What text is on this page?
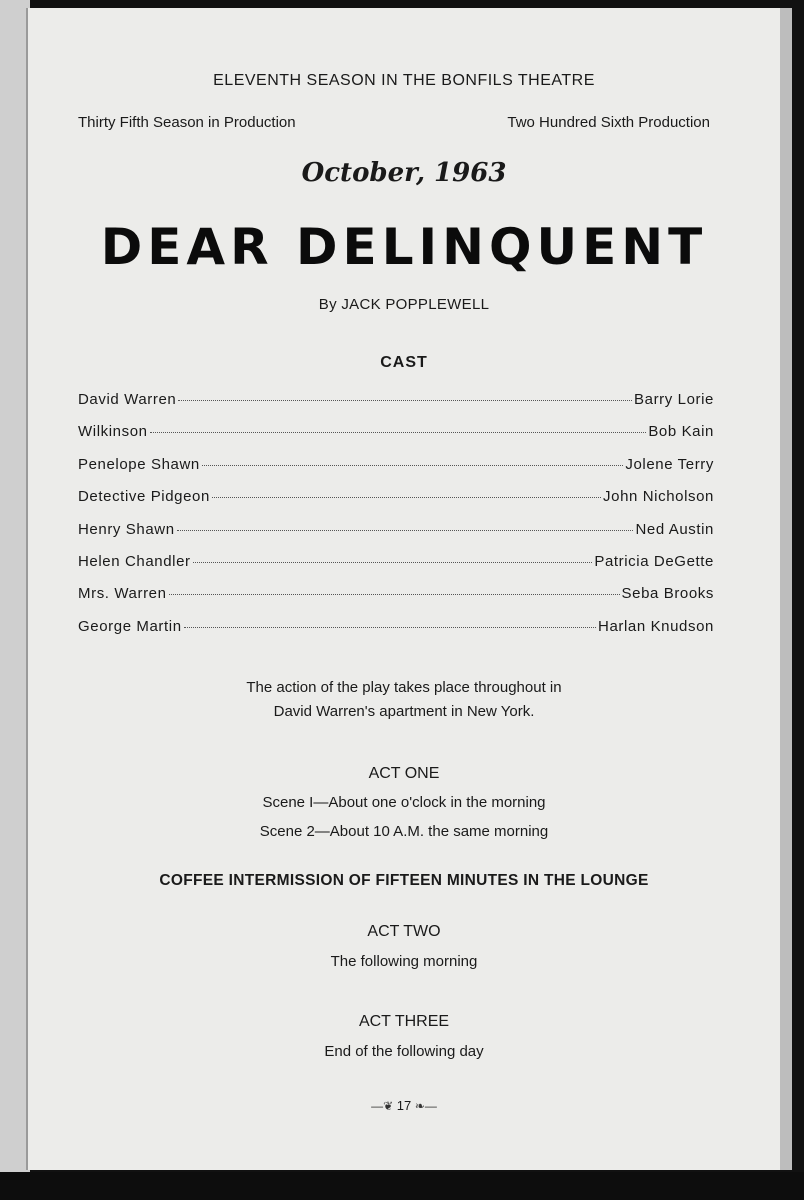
ELEVENTH SEASON IN THE BONFILS THEATRE
Thirty Fifth Season in Production	Two Hundred Sixth Production
October, 1963
DEAR DELINQUENT
By JACK POPPLEWELL
CAST
David Warren	Barry Lorie
Wilkinson	Bob Kain
Penelope Shawn	Jolene Terry
Detective Pidgeon	John Nicholson
Henry Shawn	Ned Austin
Helen Chandler	Patricia DeGette
Mrs. Warren	Seba Brooks
George Martin	Harlan Knudson
The action of the play takes place throughout in
David Warren's apartment in New York.
ACT ONE
Scene I—About one o'clock in the morning
Scene 2—About 10 A.M. the same morning
COFFEE INTERMISSION OF FIFTEEN MINUTES IN THE LOUNGE
ACT TWO
The following morning
ACT THREE
End of the following day
—❦ 17 ❧—
